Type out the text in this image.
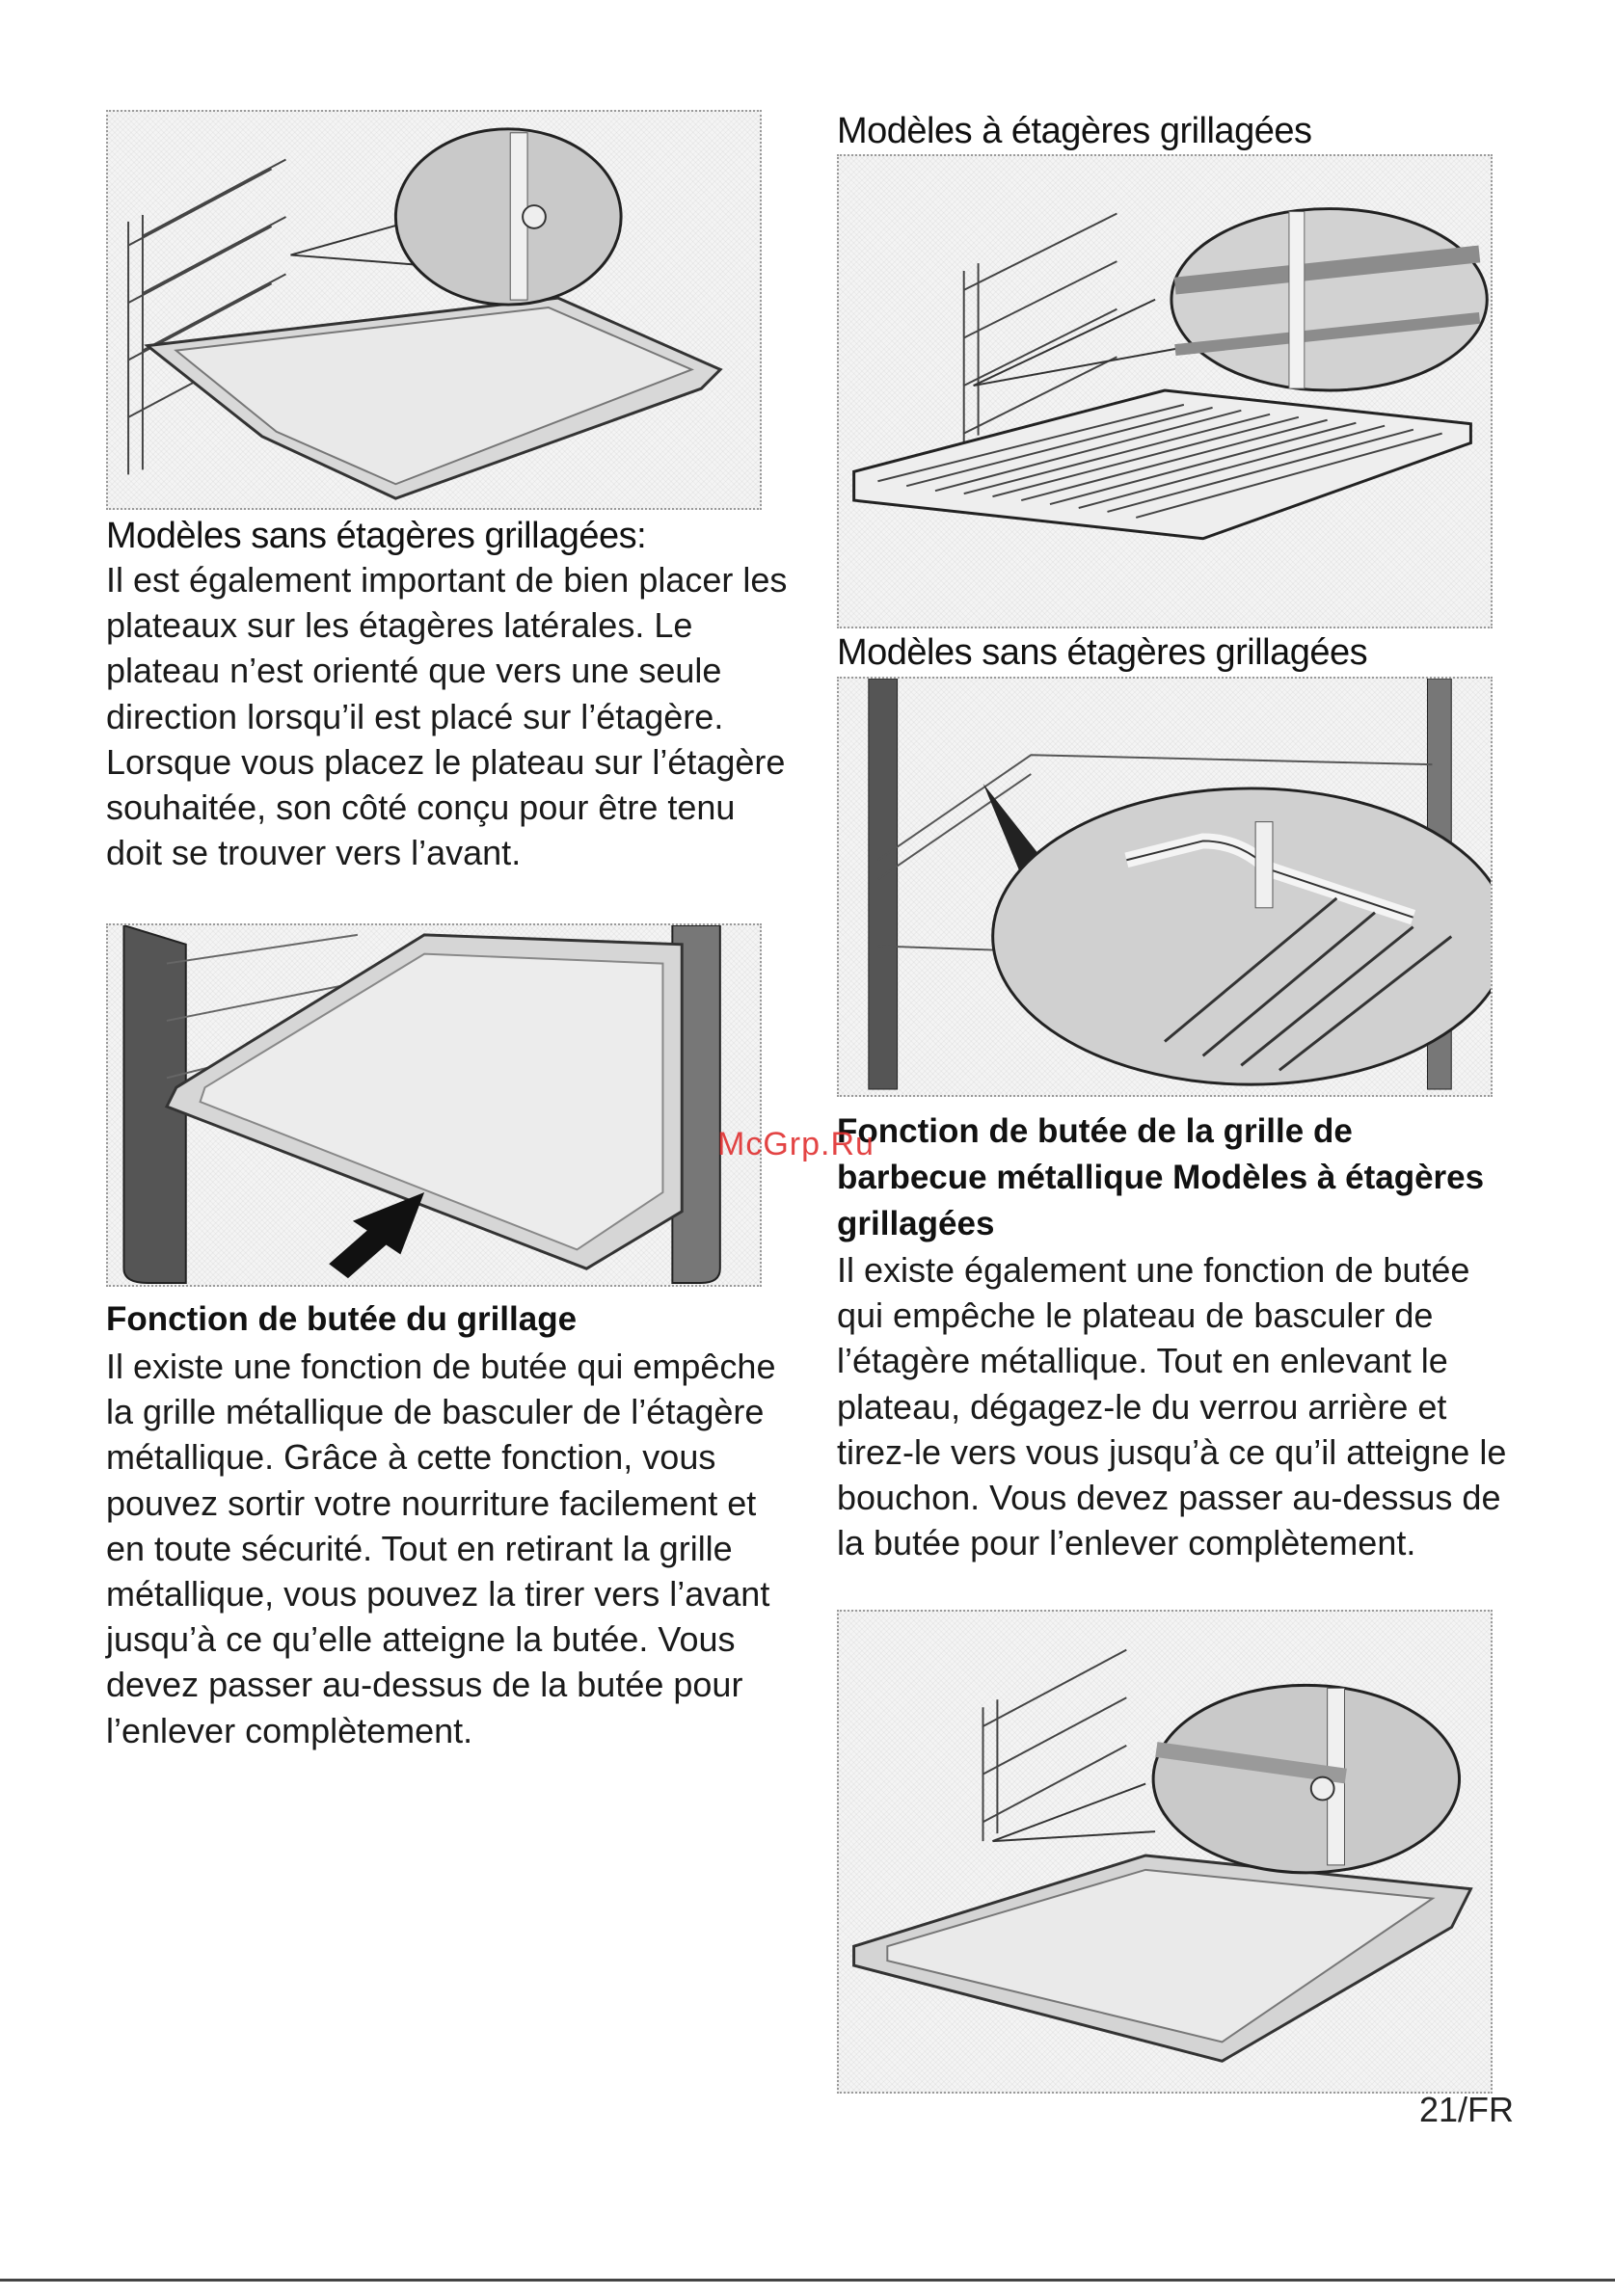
Modèles sans étagères grillagées:

Il est également important de bien placer les plateaux sur les étagères latérales. Le plateau n’est orienté que vers une seule direction lorsqu’il est placé sur l’étagère. Lorsque vous placez le plateau sur l’étagère souhaitée, son côté conçu pour être tenu doit se trouver vers l’avant.

Fonction de butée du grillage

Il existe une fonction de butée qui empêche la grille métallique de basculer de l’étagère métallique. Grâce à cette fonction, vous pouvez sortir votre nourriture facilement et en toute sécurité. Tout en retirant la grille métallique, vous pouvez la tirer vers l’avant jusqu’à ce qu’elle atteigne la butée. Vous devez passer au-dessus de la butée pour l’enlever complètement.

Modèles à étagères grillagées
Modèles sans étagères grillagées
Fonction de butée de la grille de barbecue métallique Modèles à étagères grillagées

Il existe également une fonction de butée qui empêche le plateau de basculer de l’étagère métallique. Tout en enlevant le plateau, dégagez-le du verrou arrière et tirez-le vers vous jusqu’à ce qu’il atteigne le bouchon. Vous devez passer au-dessus de la butée pour l’enlever complètement.

McGrp.Ru
21/FR
